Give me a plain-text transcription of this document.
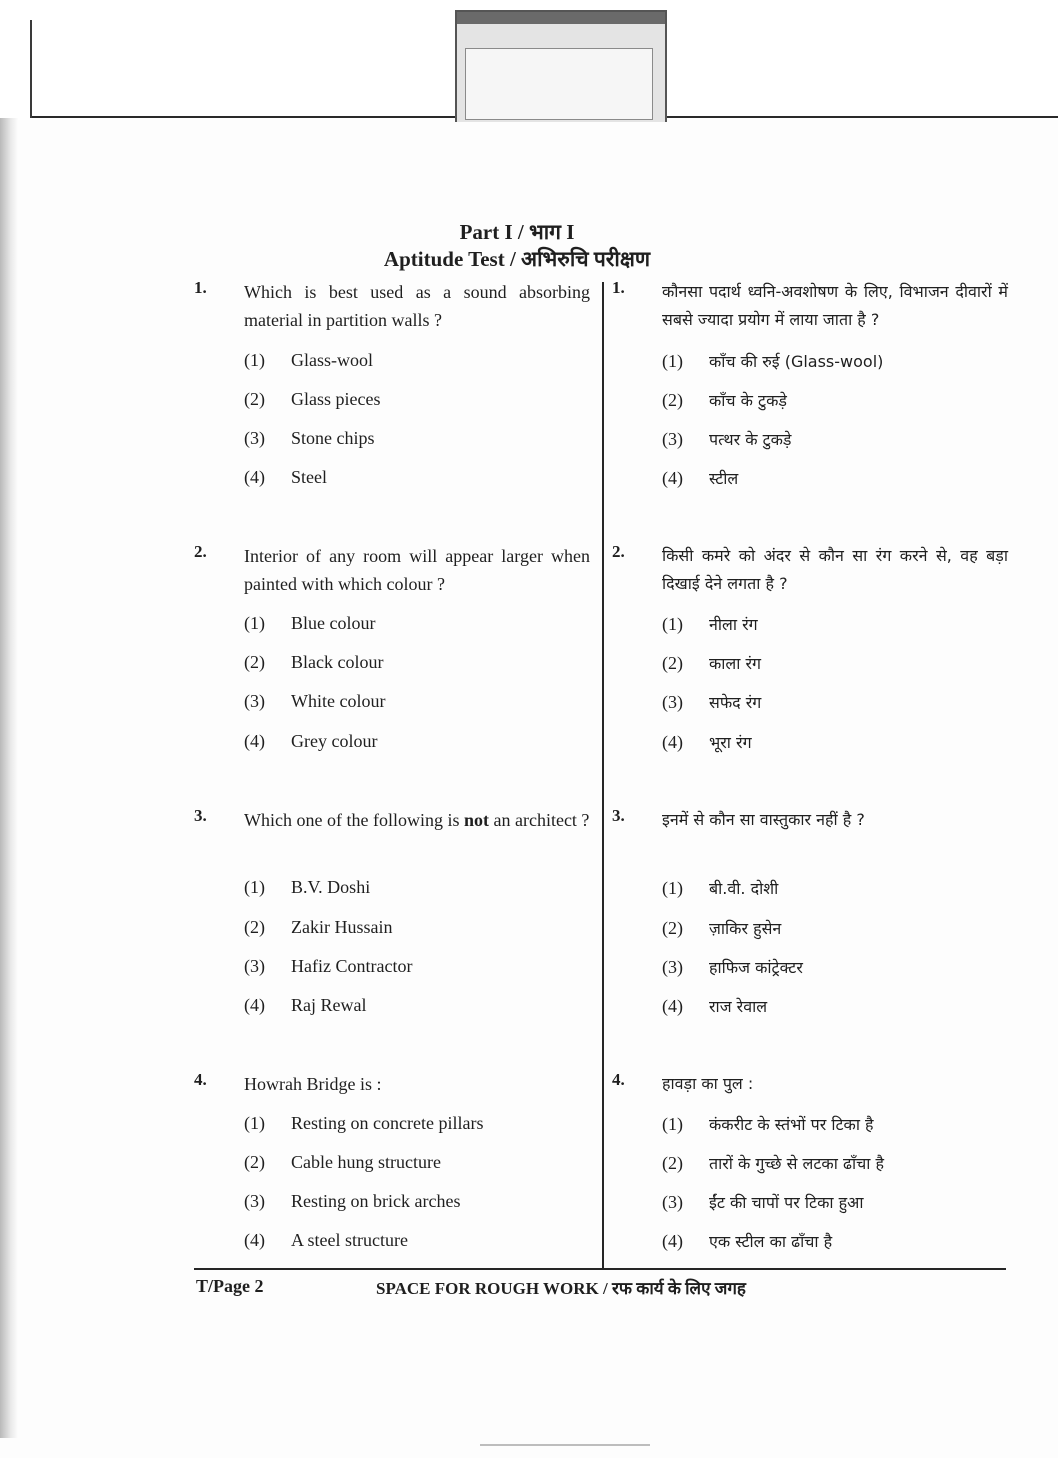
Part I / भाग I
Aptitude Test / अभिरुचि परीक्षण
1. Which is best used as a sound absorbing material in partition walls ?
(1) Glass-wool
(2) Glass pieces
(3) Stone chips
(4) Steel
2. Interior of any room will appear larger when painted with which colour ?
(1) Blue colour
(2) Black colour
(3) White colour
(4) Grey colour
3. Which one of the following is not an architect ?
(1) B.V. Doshi
(2) Zakir Hussain
(3) Hafiz Contractor
(4) Raj Rewal
4. Howrah Bridge is :
(1) Resting on concrete pillars
(2) Cable hung structure
(3) Resting on brick arches
(4) A steel structure
1. कौनसा पदार्थ ध्वनि-अवशोषण के लिए, विभाजन दीवारों में सबसे ज्यादा प्रयोग में लाया जाता है ?
(1) काँच की रुई (Glass-wool)
(2) काँच के टुकड़े
(3) पत्थर के टुकड़े
(4) स्टील
2. किसी कमरे को अंदर से कौन सा रंग करने से, वह बड़ा दिखाई देने लगता है ?
(1) नीला रंग
(2) काला रंग
(3) सफेद रंग
(4) भूरा रंग
3. इनमें से कौन सा वास्तुकार नहीं है ?
(1) बी.वी. दोशी
(2) ज़ाकिर हुसेन
(3) हाफिज कांट्रेक्टर
(4) राज रेवाल
4. हावड़ा का पुल :
(1) कंकरीट के स्तंभों पर टिका है
(2) तारों के गुच्छे से लटका ढाँचा है
(3) ईंट की चापों पर टिका हुआ
(4) एक स्टील का ढाँचा है
T/Page 2	SPACE FOR ROUGH WORK / रफ कार्य के लिए जगह
